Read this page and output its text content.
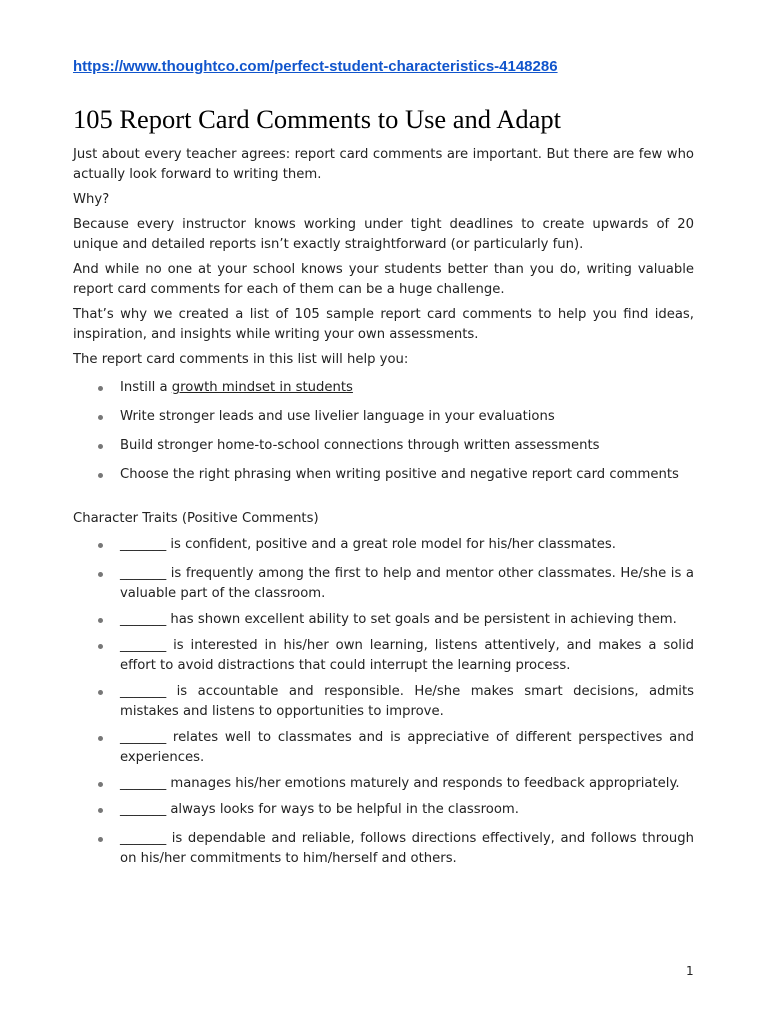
https://www.thoughtco.com/perfect-student-characteristics-4148286
105 Report Card Comments to Use and Adapt

Just about every teacher agrees: report card comments are important. But there are few who actually look forward to writing them.

Why?

Because every instructor knows working under tight deadlines to create upwards of 20 unique and detailed reports isn’t exactly straightforward (or particularly fun).

And while no one at your school knows your students better than you do, writing valuable report card comments for each of them can be a huge challenge.

That’s why we created a list of 105 sample report card comments to help you find ideas, inspiration, and insights while writing your own assessments.

The report card comments in this list will help you:

Instill a growth mindset in students
Write stronger leads and use livelier language in your evaluations
Build stronger home-to-school connections through written assessments
Choose the right phrasing when writing positive and negative report card comments

Character Traits (Positive Comments)

_______ is confident, positive and a great role model for his/her classmates.
_______ is frequently among the first to help and mentor other classmates. He/she is a valuable part of the classroom.
_______ has shown excellent ability to set goals and be persistent in achieving them.
_______ is interested in his/her own learning, listens attentively, and makes a solid effort to avoid distractions that could interrupt the learning process.
_______ is accountable and responsible. He/she makes smart decisions, admits mistakes and listens to opportunities to improve.
_______ relates well to classmates and is appreciative of different perspectives and experiences.
_______ manages his/her emotions maturely and responds to feedback appropriately.
_______ always looks for ways to be helpful in the classroom.
_______ is dependable and reliable, follows directions effectively, and follows through on his/her commitments to him/herself and others.
1
